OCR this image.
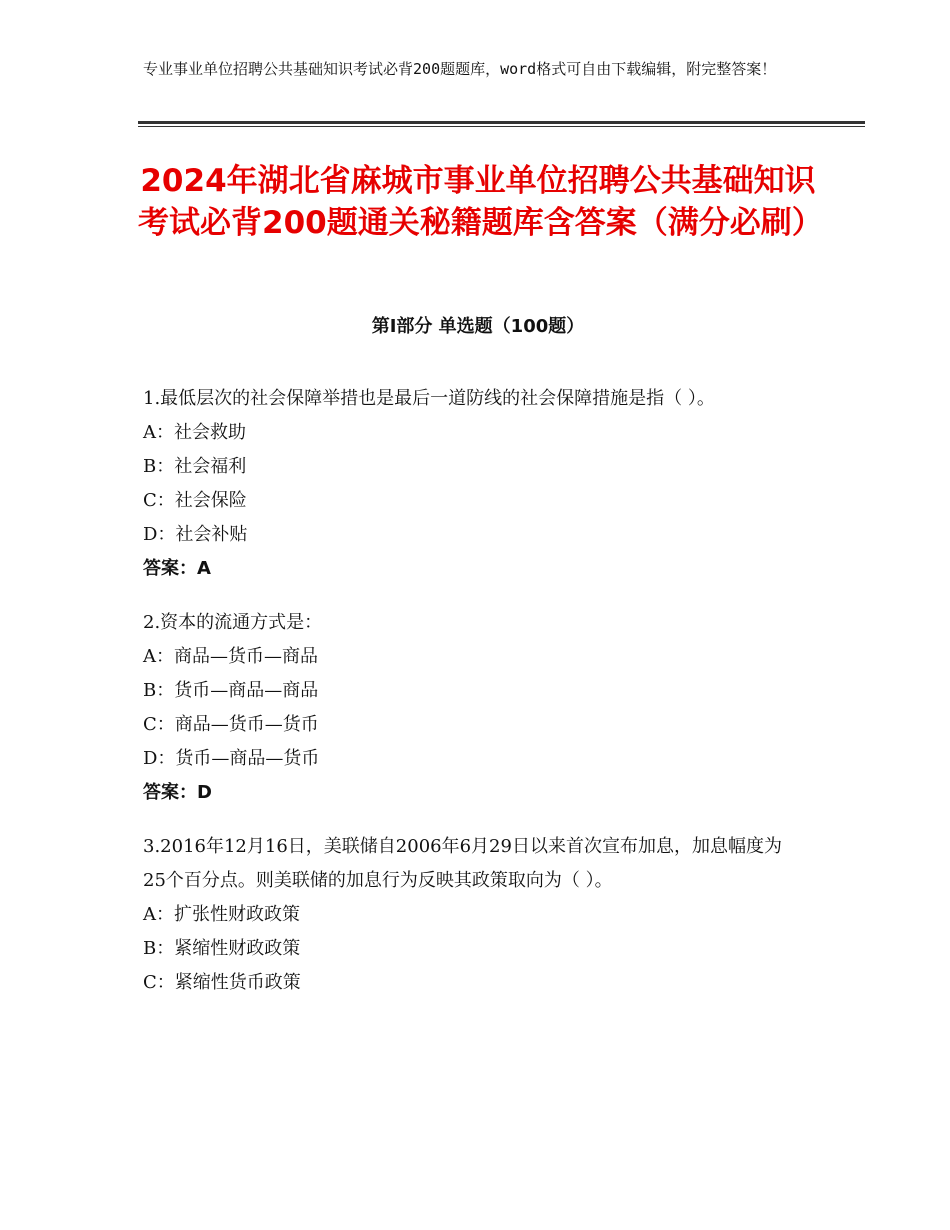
专业事业单位招聘公共基础知识考试必背200题题库，word格式可自由下载编辑，附完整答案！
2024年湖北省麻城市事业单位招聘公共基础知识考试必背200题通关秘籍题库含答案（满分必刷）
第Ⅰ部分 单选题（100题）

1.最低层次的社会保障举措也是最后一道防线的社会保障措施是指（ ）。

A：社会救助

B：社会福利

C：社会保险

D：社会补贴

答案：A

2.资本的流通方式是：

A：商品—货币—商品

B：货币—商品—商品

C：商品—货币—货币

D：货币—商品—货币

答案：D

3.2016年12月16日，美联储自2006年6月29日以来首次宣布加息，加息幅度为25个百分点。则美联储的加息行为反映其政策取向为（ ）。

A：扩张性财政政策

B：紧缩性财政政策

C：紧缩性货币政策
